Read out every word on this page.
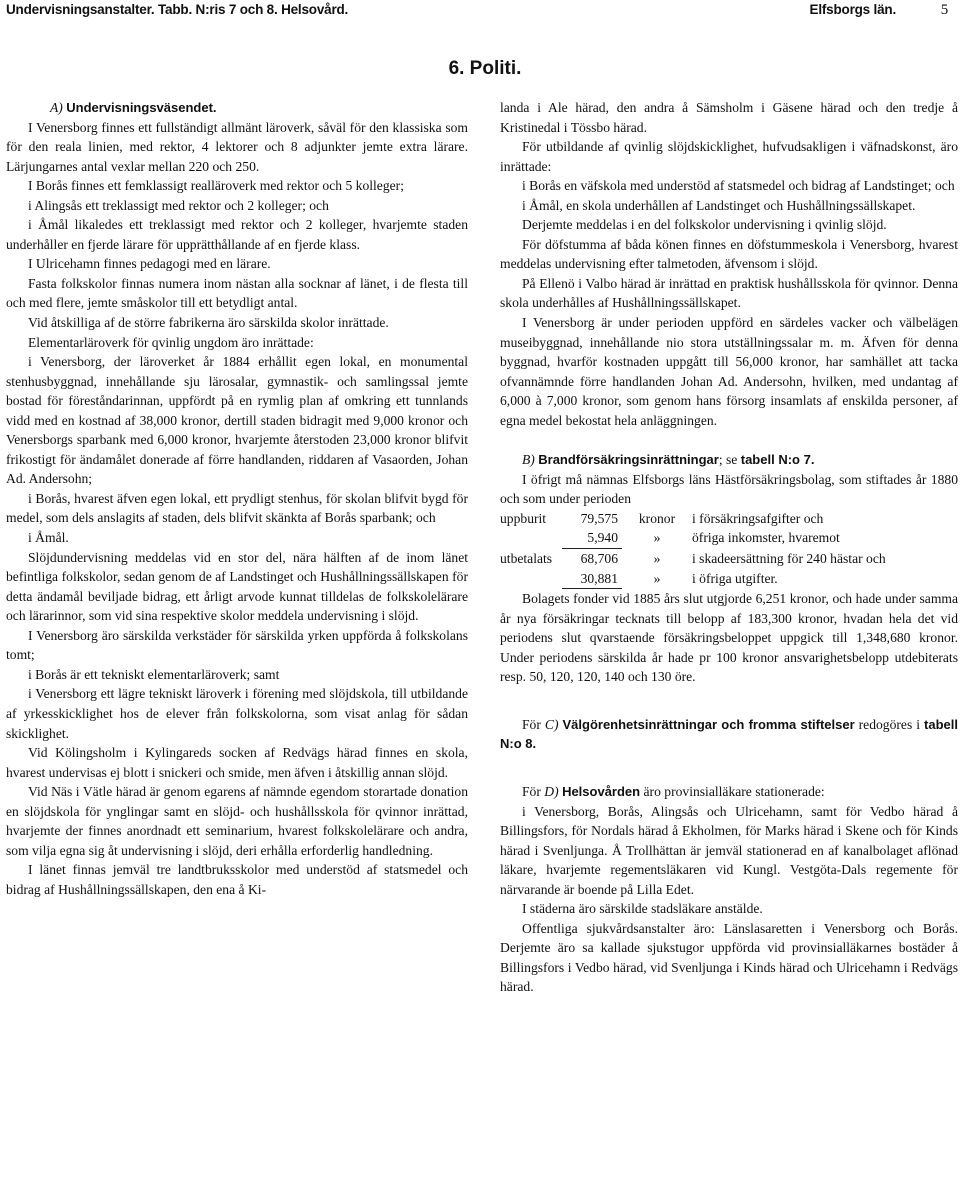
Undervisningsanstalter. Tabb. N:ris 7 och 8. Helsovård.	Elfsborgs län.	5
6. Politi.

A) Undervisningsväsendet.

I Venersborg finnes ett fullständigt allmänt läroverk, såväl för den klassiska som för den reala linien, med rektor, 4 lektorer och 8 adjunkter jemte extra lärare. Lärjungarnes antal vexlar mellan 220 och 250.

I Borås finnes ett femklassigt realläroverk med rektor och 5 kolleger;

i Alingsås ett treklassigt med rektor och 2 kolleger; och

i Åmål likaledes ett treklassigt med rektor och 2 kolleger, hvarjemte staden underhåller en fjerde lärare för upprätthållande af en fjerde klass.

I Ulricehamn finnes pedagogi med en lärare.

Fasta folkskolor finnas numera inom nästan alla socknar af länet, i de flesta till och med flere, jemte småskolor till ett betydligt antal.

Vid åtskilliga af de större fabrikerna äro särskilda skolor inrättade.

Elementarläroverk för qvinlig ungdom äro inrättade:

i Venersborg, der läroverket år 1884 erhållit egen lokal, en monumental stenhusbyggnad, innehållande sju lärosalar, gymnastik- och samlingssal jemte bostad för föreståndarinnan, uppfördt på en rymlig plan af omkring ett tunnlands vidd med en kostnad af 38,000 kronor, dertill staden bidragit med 9,000 kronor och Venersborgs sparbank med 6,000 kronor, hvarjemte återstoden 23,000 kronor blifvit frikostigt för ändamålet donerade af förre handlanden, riddaren af Vasaorden, Johan Ad. Andersohn;

i Borås, hvarest äfven egen lokal, ett prydligt stenhus, för skolan blifvit bygd för medel, som dels anslagits af staden, dels blifvit skänkta af Borås sparbank; och

i Åmål.

Slöjdundervisning meddelas vid en stor del, nära hälften af de inom länet befintliga folkskolor, sedan genom de af Landstinget och Hushållningssällskapen för detta ändamål beviljade bidrag, ett årligt arvode kunnat tilldelas de folkskolelärare och lärarinnor, som vid sina respektive skolor meddela undervisning i slöjd.

I Venersborg äro särskilda verkstäder för särskilda yrken uppförda å folkskolans tomt;

i Borås är ett tekniskt elementarläroverk; samt

i Venersborg ett lägre tekniskt läroverk i förening med slöjdskola, till utbildande af yrkesskicklighet hos de elever från folkskolorna, som visat anlag för sådan skicklighet.

Vid Kölingsholm i Kylingareds socken af Redvägs härad finnes en skola, hvarest undervisas ej blott i snickeri och smide, men äfven i åtskillig annan slöjd.

Vid Näs i Vätle härad är genom egarens af nämnde egendom storartade donation en slöjdskola för ynglingar samt en slöjd- och hushållsskola för qvinnor inrättad, hvarjemte der finnes anordnadt ett seminarium, hvarest folkskolelärare och andra, som vilja egna sig åt undervisning i slöjd, deri erhålla erforderlig handledning.

I länet finnas jemväl tre landtbruksskolor med understöd af statsmedel och bidrag af Hushållningssällskapen, den ena å Ki-

landa i Ale härad, den andra å Sämsholm i Gäsene härad och den tredje å Kristinedal i Tössbo härad.

För utbildande af qvinlig slöjdskicklighet, hufvudsakligen i väfnadskonst, äro inrättade:

i Borås en väfskola med understöd af statsmedel och bidrag af Landstinget; och

i Åmål, en skola underhållen af Landstinget och Hushållningssällskapet.

Derjemte meddelas i en del folkskolor undervisning i qvinlig slöjd.

För döfstumma af båda könen finnes en döfstummeskola i Venersborg, hvarest meddelas undervisning efter talmetoden, äfvensom i slöjd.

På Ellenö i Valbo härad är inrättad en praktisk hushållsskola för qvinnor. Denna skola underhålles af Hushållningssällskapet.

I Venersborg är under perioden uppförd en särdeles vacker och välbelägen museibyggnad, innehållande nio stora utställningssalar m. m. Äfven för denna byggnad, hvarför kostnaden uppgått till 56,000 kronor, har samhället att tacka ofvannämnde förre handlanden Johan Ad. Andersohn, hvilken, med undantag af 6,000 à 7,000 kronor, som genom hans försorg insamlats af enskilda personer, af egna medel bekostat hela anläggningen.

B) Brandförsäkringsinrättningar; se tabell N:o 7.

I öfrigt må nämnas Elfsborgs läns Hästförsäkringsbolag, som stiftades år 1880 och som under perioden

uppburit	79,575	kronor	i försäkringsafgifter och
	5,940	»	öfriga inkomster, hvaremot
utbetalats	68,706	»	i skadeersättning för 240 hästar och
	30,881	»	i öfriga utgifter.

Bolagets fonder vid 1885 års slut utgjorde 6,251 kronor, och hade under samma år nya försäkringar tecknats till belopp af 183,300 kronor, hvadan hela det vid periodens slut qvarstaende försäkringsbeloppet uppgick till 1,348,680 kronor. Under periodens särskilda år hade pr 100 kronor ansvarighetsbelopp utdebiterats resp. 50, 120, 120, 140 och 130 öre.

För C) Välgörenhetsinrättningar och fromma stiftelser redogöres i tabell N:o 8.

För D) Helsovården äro provinsialläkare stationerade:

i Venersborg, Borås, Alingsås och Ulricehamn, samt för Vedbo härad å Billingsfors, för Nordals härad å Ekholmen, för Marks härad i Skene och för Kinds härad i Svenljunga. Å Trollhättan är jemväl stationerad en af kanalbolaget aflönad läkare, hvarjemte regementsläkaren vid Kungl. Vestgöta-Dals regemente för närvarande är boende på Lilla Edet.

I städerna äro särskilde stadsläkare anstälde.

Offentliga sjukvårdsanstalter äro: Länslasaretten i Venersborg och Borås. Derjemte äro sa kallade sjukstugor uppförda vid provinsialläkarnes bostäder å Billingsfors i Vedbo härad, vid Svenljunga i Kinds härad och Ulricehamn i Redvägs härad.
